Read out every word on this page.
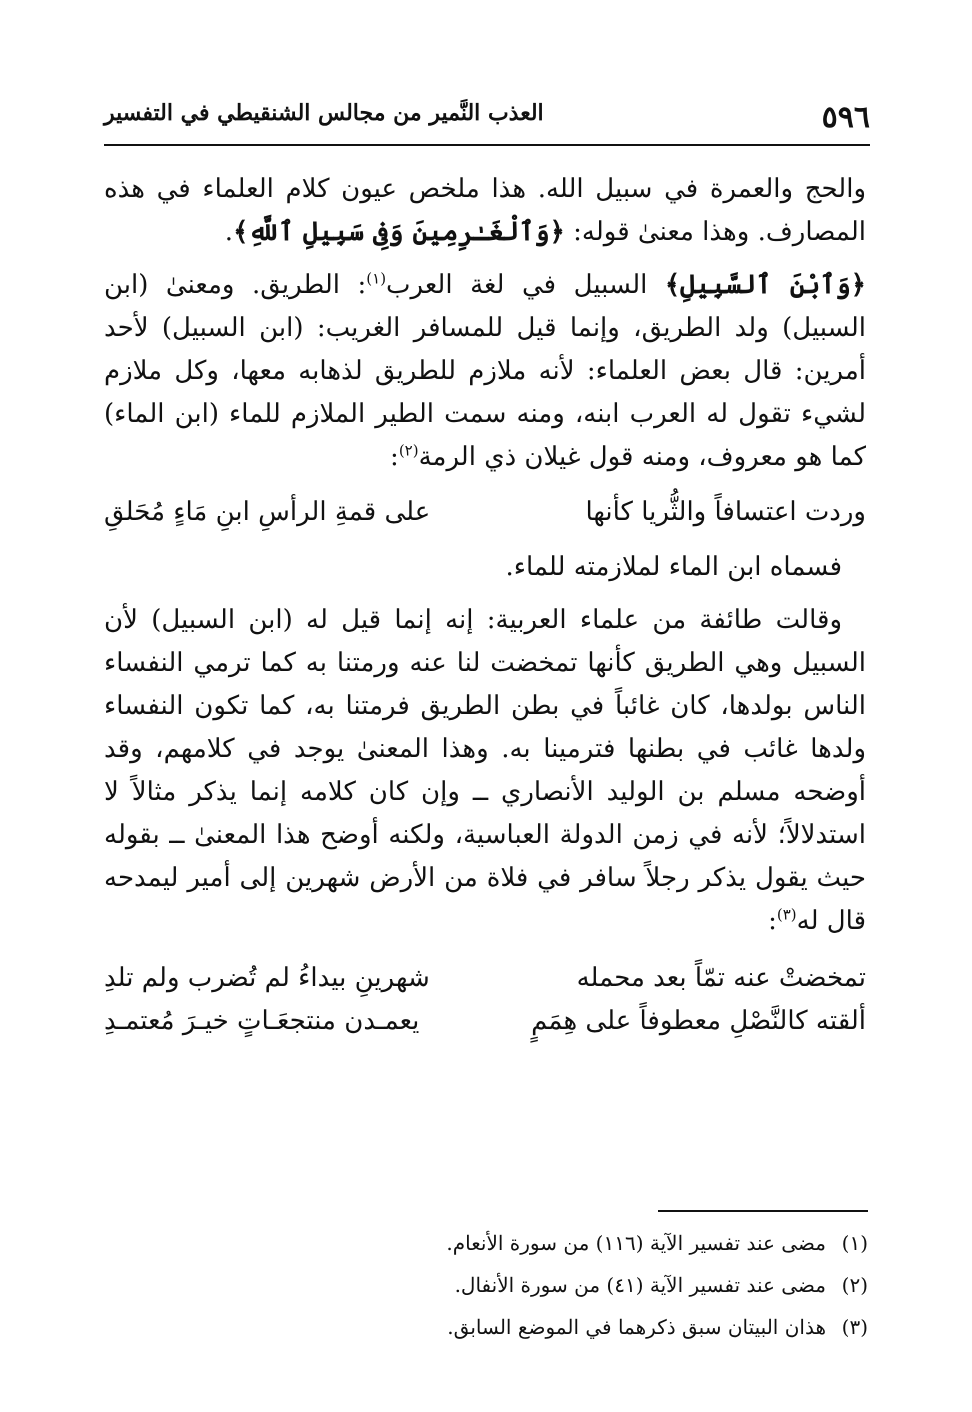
٥٩٦
العذب النَّمير من مجالس الشنقيطي في التفسير

والحج والعمرة في سبيل الله. هذا ملخص عيون كلام العلماء في هذه المصارف. وهذا معنىٰ قوله: ﴿وَٱلْغَـٰرِمِينَ وَفِى سَبِيلِ ٱللَّهِ﴾.

﴿وَٱبْنَ ٱلسَّبِيلِ﴾ السبيل في لغة العرب$^{(١)}$: الطريق. ومعنىٰ (ابن السبيل) ولد الطريق، وإنما قيل للمسافر الغريب: (ابن السبيل) لأحد أمرين: قال بعض العلماء: لأنه ملازم للطريق لذهابه معها، وكل ملازم لشيء تقول له العرب ابنه، ومنه سمت الطير الملازم للماء (ابن الماء) كما هو معروف، ومنه قول غيلان ذي الرمة$^{(٢)}$:

وردت اعتسافاً والثُّريا كأنها
على قمةِ الرأسِ ابنِ مَاءٍ مُحَلقِ

فسماه ابن الماء لملازمته للماء.

وقالت طائفة من علماء العربية: إنه إنما قيل له (ابن السبيل) لأن السبيل وهي الطريق كأنها تمخضت لنا عنه ورمتنا به كما ترمي النفساء الناس بولدها، كان غائباً في بطن الطريق فرمتنا به، كما تكون النفساء ولدها غائب في بطنها فترمينا به. وهذا المعنىٰ يوجد في كلامهم، وقد أوضحه مسلم بن الوليد الأنصاري ــ وإن كان كلامه إنما يذكر مثالاً لا استدلالاً؛ لأنه في زمن الدولة العباسية، ولكنه أوضح هذا المعنىٰ ــ بقوله حيث يقول يذكر رجلاً سافر في فلاة من الأرض شهرين إلى أمير ليمدحه قال له$^{(٣)}$:

تمخضتْ عنه تمّاً بعد محمله
شهرينِ بيداءُ لم تُضرب ولم تلدِ
ألقته كالنَّصْلِ معطوفاً على هِمَمٍ
يعمـدن منتجعَـاتٍ خيـرَ مُعتمـدِ

(١)مضى عند تفسير الآية (١١٦) من سورة الأنعام.

(٢)مضى عند تفسير الآية (٤١) من سورة الأنفال.

(٣)هذان البيتان سبق ذكرهما في الموضع السابق.
